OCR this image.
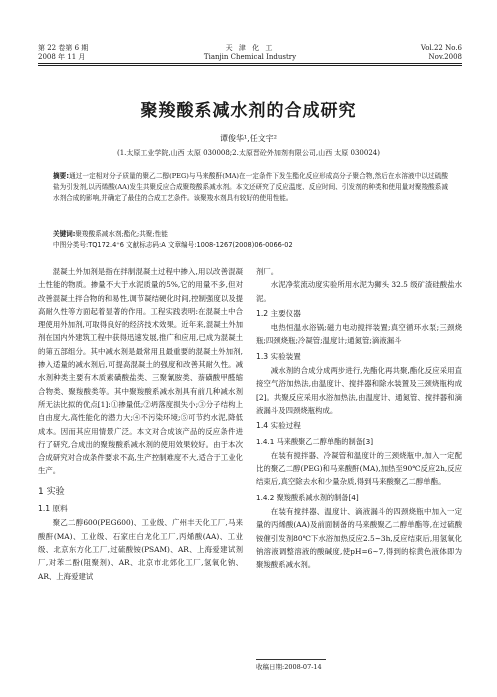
第 22 卷第 6 期
2008 年 11 月
天 津 化 工
Tianjin Chemical Industry
Vol.22 No.6
Nov.2008
聚羧酸系减水剂的合成研究
谭俊华¹,任文宇²
(1.太原工业学院,山西 太原 030008;2.太原晋砼外加剂有限公司,山西 太原 030024)
摘要:通过一定相对分子质量的聚乙二醇(PEG)与马来酸酐(MA)在一定条件下发生酯化反应形成高分子聚合物,然后在水溶液中以过硫酸盐为引发剂,以丙烯酸(AA)发生共聚反应合成聚羧酸系减水剂。本文还研究了反应温度、反应时间、引发剂的种类和使用量对聚羧酸系减水剂合成的影响,并确定了最佳的合成工艺条件。该聚羧水剂具有较好的使用性能。
关键词:聚羧酸系减水剂;酯化;共聚;性能
中图分类号:TQ172.4⁺6 文献标志码:A 文章编号:1008-1267(2008)06-0066-02

混凝土外加剂是指在拌制混凝土过程中掺入,用以改善混凝土性能的物质。掺量不大于水泥质量的5%,它的用量不多,但对改善混凝土拌合物的和易性,调节凝结硬化时间,控制强度以及提高耐久性等方面起着显著的作用。工程实践表明:在混凝土中合理使用外加剂,可取得良好的经济技术效果。近年来,混凝土外加剂在国内外建筑工程中获得迅速发展,推广和应用,已成为混凝土的第五部组分。其中减水剂是最常用且最重要的混凝土外加剂,掺入适量的减水剂后,可提高混凝土的强度和改善其耐久性。减水剂种类主要有木质素磺酸盐类、三聚氰胺类、萘磺酸甲醛缩合物类、聚羧酸类等。其中聚羧酸系减水剂具有前几种减水剂所无法比拟的优点[1]:①掺量低;②坍落度损失小;③分子结构上自由度大,高性能化的潜力大;④不污染环境;⑤可节约水泥,降低成本。因而其应用情景广泛。本文对合成该产品的反应条件进行了研究,合成出的聚羧酸系减水剂的使用效果较好。由于本次合成研究对合成条件要求不高,生产控制难度不大,适合于工业化生产。

1 实验
1.1 原料

聚乙二醇600(PEG600)、工业级、广州丰天化工厂,马来酸酐(MA)、工业级、石家庄白龙化工厂,丙烯酸(AA)、工业级、北京东方化工厂,过硫酸铵(PSAM)、AR、上海爱建试剂厂,对苯二酚(阻聚剂)、AR、北京市北郊化工厂,氢氧化钠、AR、上海爱建试

剂厂。

水泥净浆流动度实验所用水泥为狮头 32.5 级矿渣硅酸盐水泥。

1.2 主要仪器

电热恒温水浴锅;磁力电动搅拌装置;真空循环水泵;三颈烧瓶;四颈烧瓶;冷凝管;温度计;通氮管;滴液漏斗

1.3 实验装置

减水剂的合成分成两步进行,先酯化再共聚,酯化反应采用直接空气浴加热法,由温度计、搅拌器和除水装置及三颈烧瓶构成[2]。共聚反应采用水浴加热法,由温度计、通氮管、搅拌器和滴液漏斗及四颈烧瓶构成。

1.4 实验过程
1.4.1 马来酸聚乙二醇单酯的制备[3]

在装有搅拌器、冷凝管和温度计的三颈烧瓶中,加入一定配比的聚乙二醇(PEG)和马来酸酐(MA),加热至90℃反应2h,反应结束后,真空除去水和少量杂质,得到马来酸聚乙二醇单酯。

1.4.2 聚羧酸系减水剂的制备[4]

在装有搅拌器、温度计、滴液漏斗的四颈烧瓶中加入一定量的丙烯酸(AA)及前面制备的马来酸聚乙二醇单酯等,在过硫酸铵催引发剂80℃下水浴加热反应2.5~3h,反应结束后,用氢氧化钠溶液调整溶液的酸碱度,使pH=6~7,得到的棕黄色液体即为聚羧酸系减水剂。

收稿日期:2008-07-14
